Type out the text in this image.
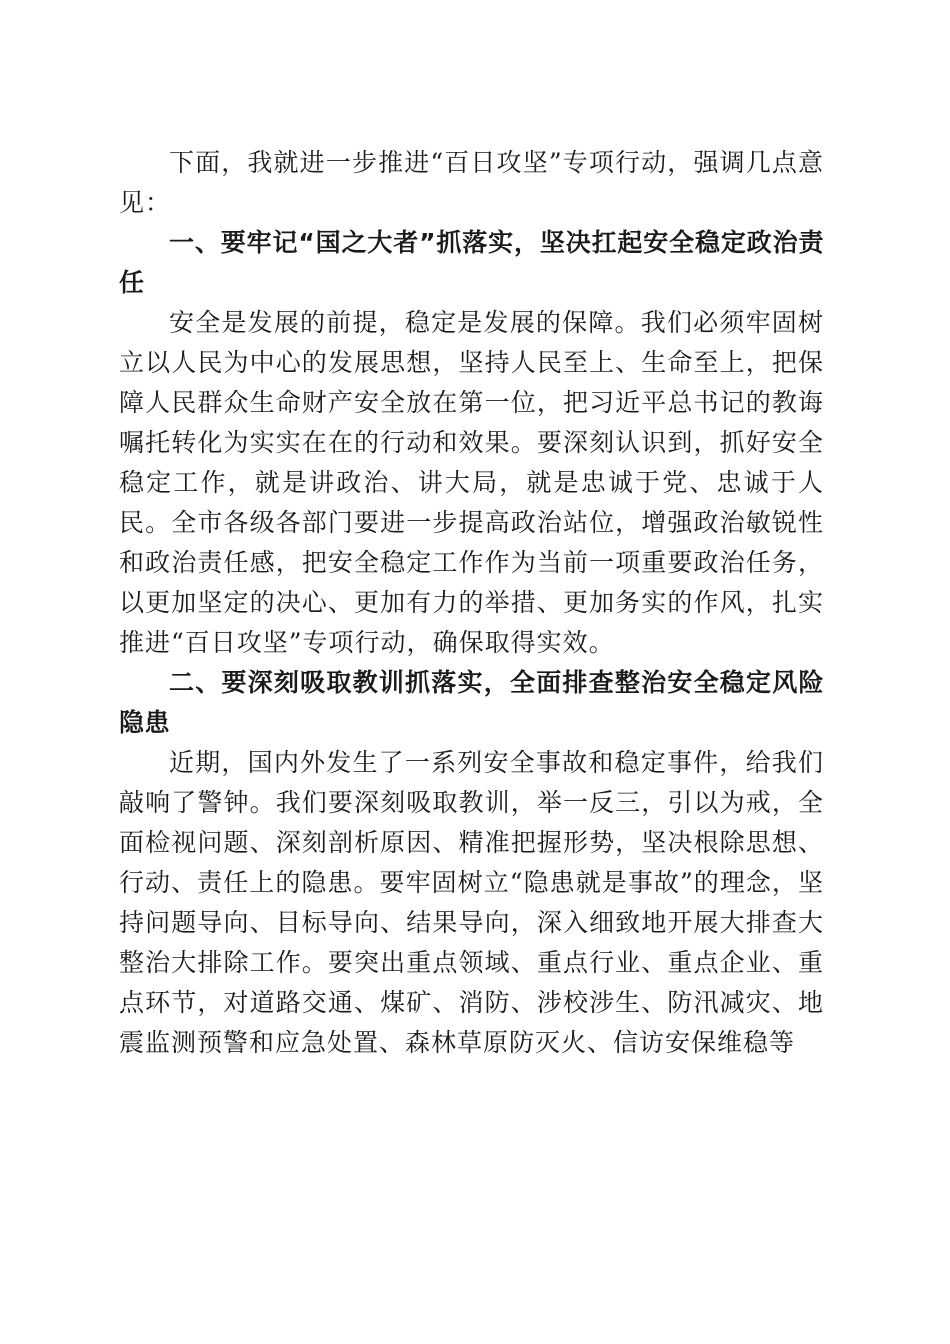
下面，我就进一步推进“百日攻坚”专项行动，强调几点意见：

一、要牢记“国之大者”抓落实，坚决扛起安全稳定政治责任

安全是发展的前提，稳定是发展的保障。我们必须牢固树立以人民为中心的发展思想，坚持人民至上、生命至上，把保障人民群众生命财产安全放在第一位，把习近平总书记的教诲嘱托转化为实实在在的行动和效果。要深刻认识到，抓好安全稳定工作，就是讲政治、讲大局，就是忠诚于党、忠诚于人民。全市各级各部门要进一步提高政治站位，增强政治敏锐性和政治责任感，把安全稳定工作作为当前一项重要政治任务，以更加坚定的决心、更加有力的举措、更加务实的作风，扎实推进“百日攻坚”专项行动，确保取得实效。

二、要深刻吸取教训抓落实，全面排查整治安全稳定风险隐患

近期，国内外发生了一系列安全事故和稳定事件，给我们敲响了警钟。我们要深刻吸取教训，举一反三，引以为戒，全面检视问题、深刻剖析原因、精准把握形势，坚决根除思想、行动、责任上的隐患。要牢固树立“隐患就是事故”的理念，坚持问题导向、目标导向、结果导向，深入细致地开展大排查大整治大排除工作。要突出重点领域、重点行业、重点企业、重点环节，对道路交通、煤矿、消防、涉校涉生、防汛减灾、地震监测预警和应急处置、森林草原防灭火、信访安保维稳等
